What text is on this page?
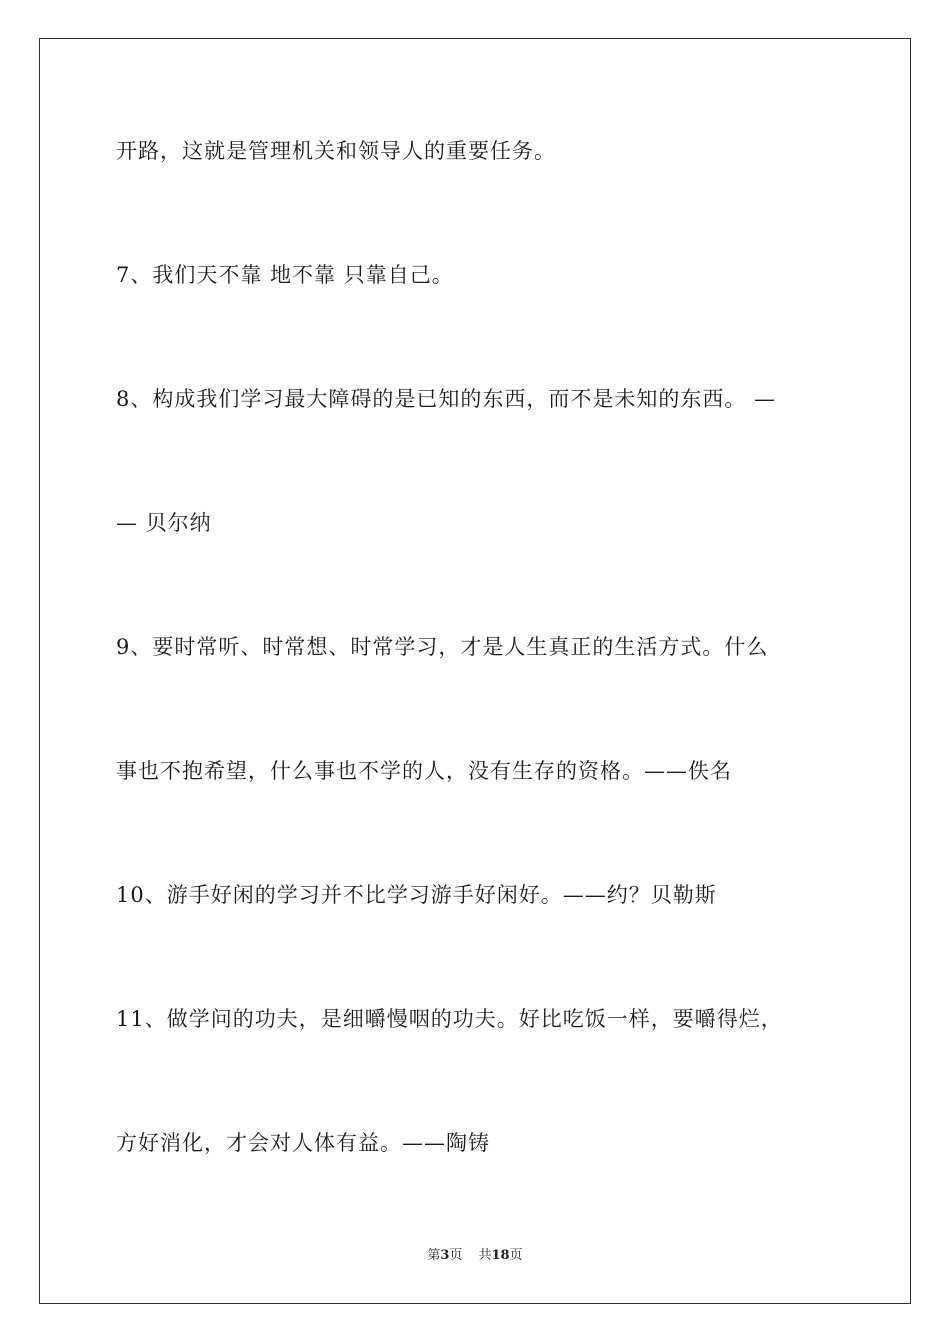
开路，这就是管理机关和领导人的重要任务。
7、我们天不靠 地不靠 只靠自己。
8、构成我们学习最大障碍的是已知的东西，而不是未知的东西。 —
— 贝尔纳
9、要时常听、时常想、时常学习，才是人生真正的生活方式。什么
事也不抱希望，什么事也不学的人，没有生存的资格。——佚名
10、游手好闲的学习并不比学习游手好闲好。——约？贝勒斯
11、做学问的功夫，是细嚼慢咽的功夫。好比吃饭一样，要嚼得烂，
方好消化，才会对人体有益。——陶铸
第3页 共18页
